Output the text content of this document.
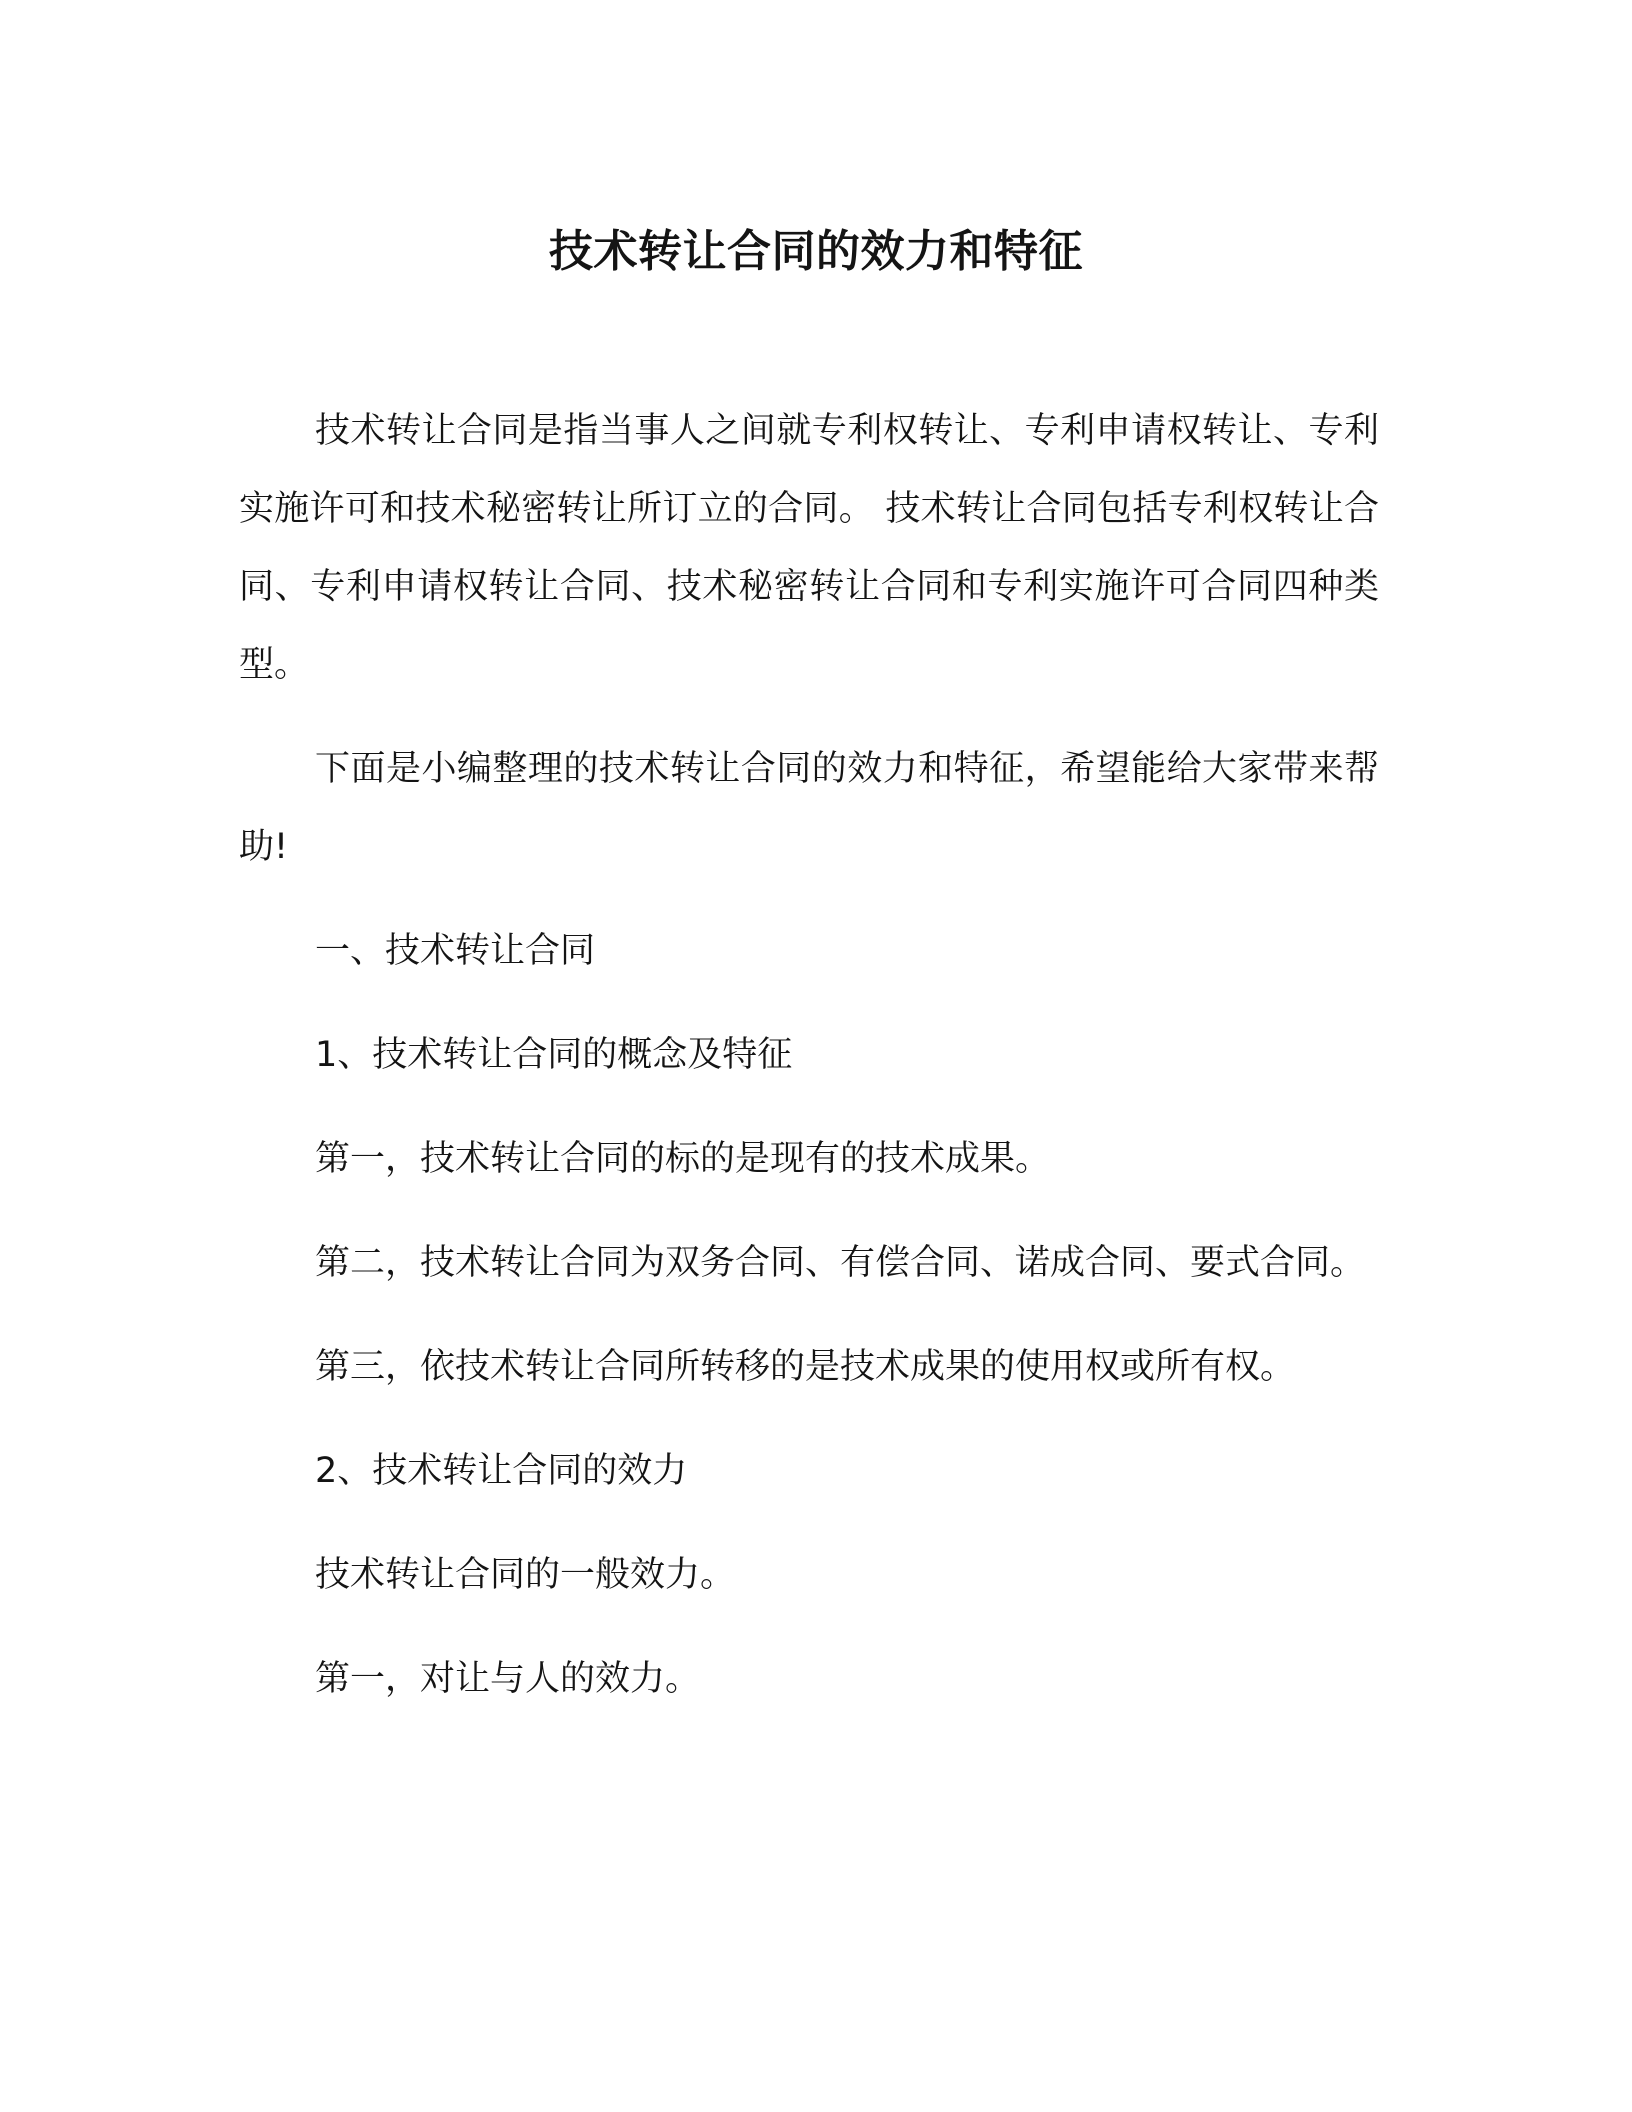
技术转让合同的效力和特征

技术转让合同是指当事人之间就专利权转让、专利申请权转让、专利实施许可和技术秘密转让所订立的合同。 技术转让合同包括专利权转让合同、专利申请权转让合同、技术秘密转让合同和专利实施许可合同四种类型。

下面是小编整理的技术转让合同的效力和特征，希望能给大家带来帮助!

一、技术转让合同

1、技术转让合同的概念及特征

第一，技术转让合同的标的是现有的技术成果。

第二，技术转让合同为双务合同、有偿合同、诺成合同、要式合同。

第三，依技术转让合同所转移的是技术成果的使用权或所有权。

2、技术转让合同的效力

技术转让合同的一般效力。

第一，对让与人的效力。
